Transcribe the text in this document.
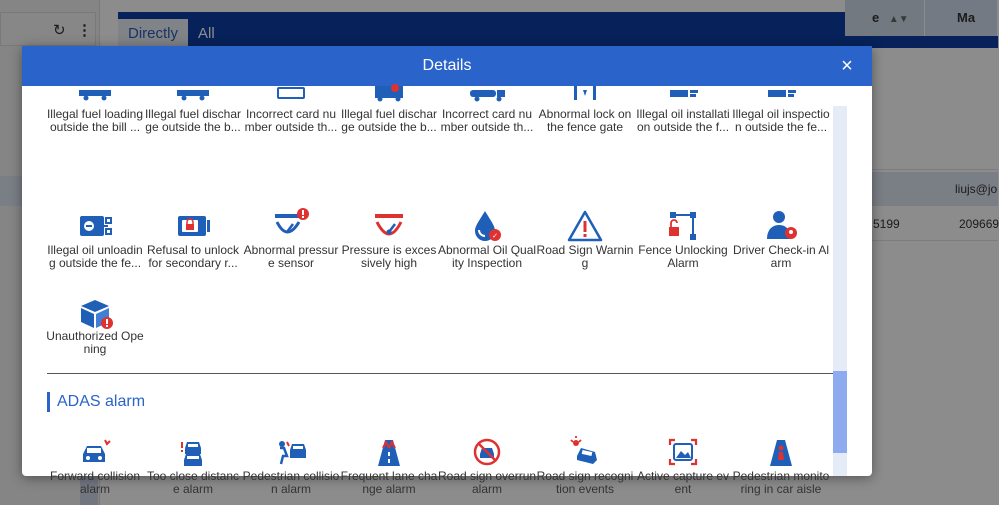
↻ ⋮	Directly	All
e ▲▼	Ma
liujs@jo
5199	209669
Details	×
Illegal fuel loading
outside the bill ...
Illegal fuel dischar
ge outside the b...
Incorrect card nu
mber outside th...
Illegal fuel dischar
ge outside the b...
Incorrect card nu
mber outside th...
Abnormal lock on
the fence gate
Illegal oil installati
on outside the f...
Illegal oil inspectio
n outside the fe...
Illegal oil unloadin
g outside the fe...
Refusal to unlock
for secondary r...
Abnormal pressur
e sensor
Pressure is exces
sively high
✓
Abnormal Oil Qual
ity Inspection
Road Sign Warnin
g
Fence Unlocking
Alarm
Driver Check-in Al
arm
Unauthorized Ope
ning
ADAS alarm
Forward collision
alarm
Too close distanc
e alarm
Pedestrian collisio
n alarm
Frequent lane cha
nge alarm
Road sign overrun
alarm
Road sign recogni
tion events
Active capture ev
ent
Pedestrian monito
ring in car aisle
